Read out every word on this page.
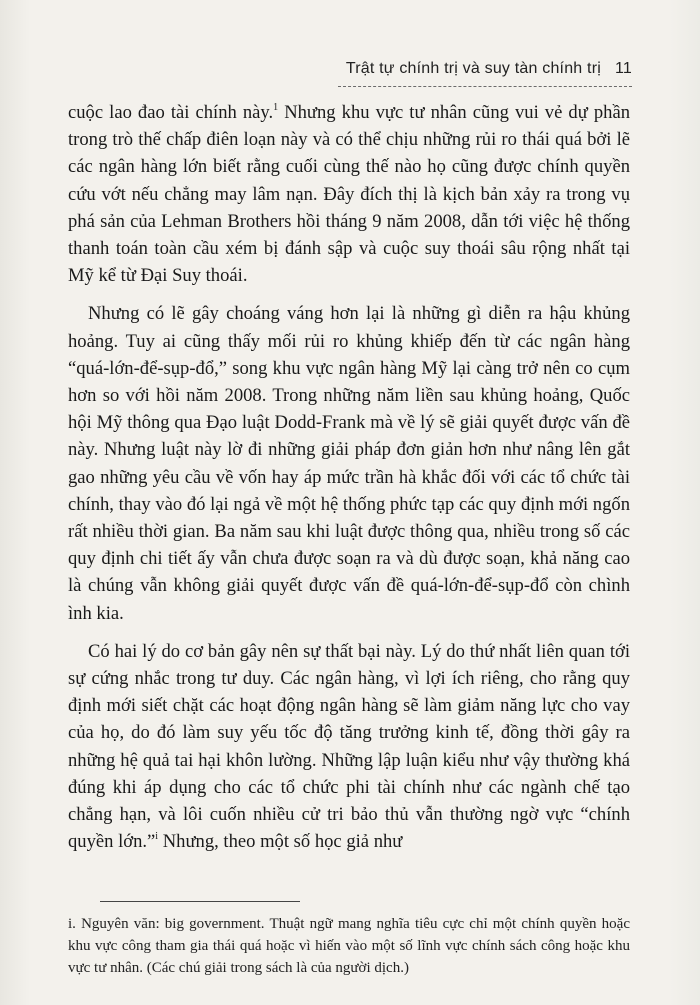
Trật tự chính trị và suy tàn chính trị 11

cuộc lao đao tài chính này.$^1$ Nhưng khu vực tư nhân cũng vui vẻ dự phần trong trò thế chấp điên loạn này và có thể chịu những rủi ro thái quá bởi lẽ các ngân hàng lớn biết rằng cuối cùng thế nào họ cũng được chính quyền cứu vớt nếu chẳng may lâm nạn. Đây đích thị là kịch bản xảy ra trong vụ phá sản của Lehman Brothers hồi tháng 9 năm 2008, dẫn tới việc hệ thống thanh toán toàn cầu xém bị đánh sập và cuộc suy thoái sâu rộng nhất tại Mỹ kể từ Đại Suy thoái.

Nhưng có lẽ gây choáng váng hơn lại là những gì diễn ra hậu khủng hoảng. Tuy ai cũng thấy mối rủi ro khủng khiếp đến từ các ngân hàng “quá-lớn-để-sụp-đổ,” song khu vực ngân hàng Mỹ lại càng trở nên co cụm hơn so với hồi năm 2008. Trong những năm liền sau khủng hoảng, Quốc hội Mỹ thông qua Đạo luật Dodd-Frank mà về lý sẽ giải quyết được vấn đề này. Nhưng luật này lờ đi những giải pháp đơn giản hơn như nâng lên gắt gao những yêu cầu về vốn hay áp mức trần hà khắc đối với các tổ chức tài chính, thay vào đó lại ngả về một hệ thống phức tạp các quy định mới ngốn rất nhiều thời gian. Ba năm sau khi luật được thông qua, nhiều trong số các quy định chi tiết ấy vẫn chưa được soạn ra và dù được soạn, khả năng cao là chúng vẫn không giải quyết được vấn đề quá-lớn-để-sụp-đổ còn chình ình kia.

Có hai lý do cơ bản gây nên sự thất bại này. Lý do thứ nhất liên quan tới sự cứng nhắc trong tư duy. Các ngân hàng, vì lợi ích riêng, cho rằng quy định mới siết chặt các hoạt động ngân hàng sẽ làm giảm năng lực cho vay của họ, do đó làm suy yếu tốc độ tăng trưởng kinh tế, đồng thời gây ra những hệ quả tai hại khôn lường. Những lập luận kiểu như vậy thường khá đúng khi áp dụng cho các tổ chức phi tài chính như các ngành chế tạo chẳng hạn, và lôi cuốn nhiều cử tri bảo thủ vẫn thường ngờ vực “chính quyền lớn.”$^i$ Nhưng, theo một số học giả như

i. Nguyên văn: big government. Thuật ngữ mang nghĩa tiêu cực chỉ một chính quyền hoặc khu vực công tham gia thái quá hoặc vì hiến vào một số lĩnh vực chính sách công hoặc khu vực tư nhân. (Các chú giải trong sách là của người dịch.)
